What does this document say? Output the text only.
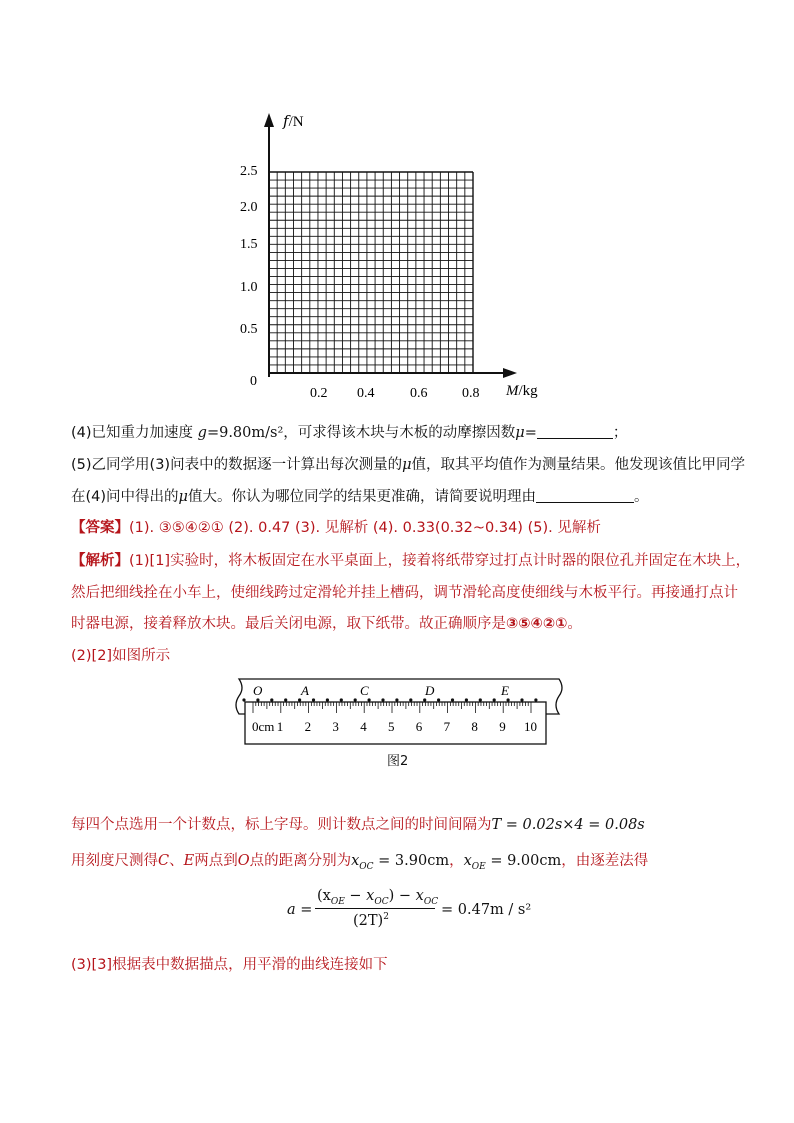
f/N
M/kg
0
2.5
2.0
1.5
1.0
0.5
0.2 0.4	0.6 0.8
(4)已知重力加速度 g=9.80m/s²，可求得该木块与木板的动摩擦因数μ=	；
(5)乙同学用(3)问表中的数据逐一计算出每次测量的μ值，取其平均值作为测量结果。他发现该值比甲同学
在(4)问中得出的μ值大。你认为哪位同学的结果更准确，请简要说明理由	。
【答案】(1). ③⑤④②① (2). 0.47 (3). 见解析 (4). 0.33(0.32~0.34) (5). 见解析
【解析】(1)[1]实验时，将木板固定在水平桌面上，接着将纸带穿过打点计时器的限位孔并固定在木块上，
然后把细线拴在小车上，使细线跨过定滑轮并挂上槽码，调节滑轮高度使细线与木板平行。再接通打点计
时器电源，接着释放木块。最后关闭电源，取下纸带。故正确顺序是③⑤④②①。
(2)[2]如图所示
O	A	C	D	E
0cm 1 2 3 4 5 6 7 8 9 10
图2
每四个点选用一个计数点，标上字母。则计数点之间的时间间隔为T = 0.02s×4 = 0.08s
用刻度尺测得C、E两点到O点的距离分别为$x_{OC} = 3.90cm$，$x_{OE} = 9.00cm$，由逐差法得
a =
$(x_{OE} - x_{OC}) - x_{OC}$
$(2T)^2$	= 0.47m / s²
(3)[3]根据表中数据描点，用平滑的曲线连接如下
